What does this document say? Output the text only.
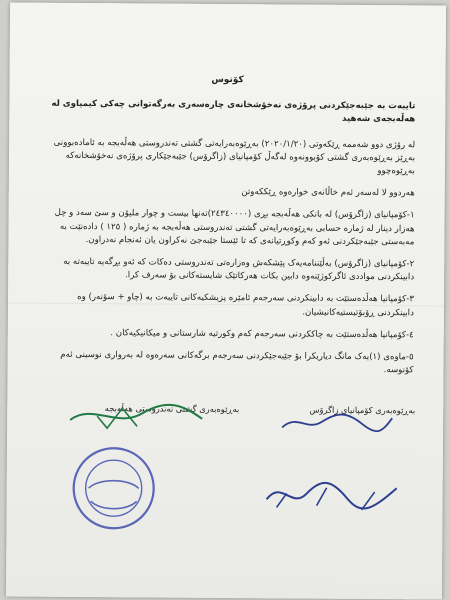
کۆنوس
تایبەت بە جێبەجێکردنی پرۆژەی نەخۆشخانەی چارەسەری بەرگەتوانی چەکی کیمیاوی لە هەڵەبجەی شەهید
لە رۆژی دوو شەممە ڕێکەوتی (٢٠٢٠/١/٢٠) بەڕێوەبەرایەتی گشتی تەندروستی هەڵەبجە بە ئامادەبوونی بەڕێز بەڕێوەبەری گشتی کۆبوونەوە لەگەڵ کۆمپانیای (زاگرۆس) جێبەجێکاری پرۆژەی نەخۆشخانەکە بەڕێوەچوو
هەردوو لا لەسەر ئەم خاڵانەی خوارەوە ڕێککەوتن
١-کۆمپانیای (زاگرۆس) لە بانکی هەڵەبجە بڕی (٢٤٣٤٠٠٠٠)تەنها بیست و چوار ملیۆن و سێ سەد و چل هەزار دینار لە ژمارە حسابی بەڕێوەبەرایەتی گشتی تەندروستی هەڵەبجە بە ژمارە ( ١٢٥ ) دادەنێت بە مەبەستی جێبەجێکردنی ئەو کەم وکوڕتیانەی کە تا ئێستا جێبەجێ نەکراون یان ئەنجام نەدراون.
٢-کۆمپانیای (زاگرۆس) بەڵێننامەیەک پێشکەش وەزارەتی تەندروستی دەکات کە ئەو بڕگەیە تایبەتە بە دابینکردنی مواددی ئاگرکوژێنەوە دابین بکات هەرکاتێک شایستەکانی بۆ سەرف کرا.
٣-کۆمپانیا هەڵدەستێت بە دابینکردنی سەرجەم ئامێرە پزیشکیەکانی تایبەت بە (چاو + سۆنەر) وە دابینکردنی ڕۆبۆتیستیەکانیشیان.
٤-کۆمپانیا هەڵدەستێت بە چاککردنی سەرجەم کەم وکورتیە شارستانی و میکانیکیەکان .
٥-ماوەی (١)یەک مانگ دیاریکرا بۆ جێبەجێکردنی سەرجەم برگەکانی سەرەوە لە بەرواری نوسینی ئەم کۆنوسە.
بەڕێوەبەری گشتی تەندروستی هەڵەبجە	بەڕێوەبەری کۆمپانیای زاگرۆس
